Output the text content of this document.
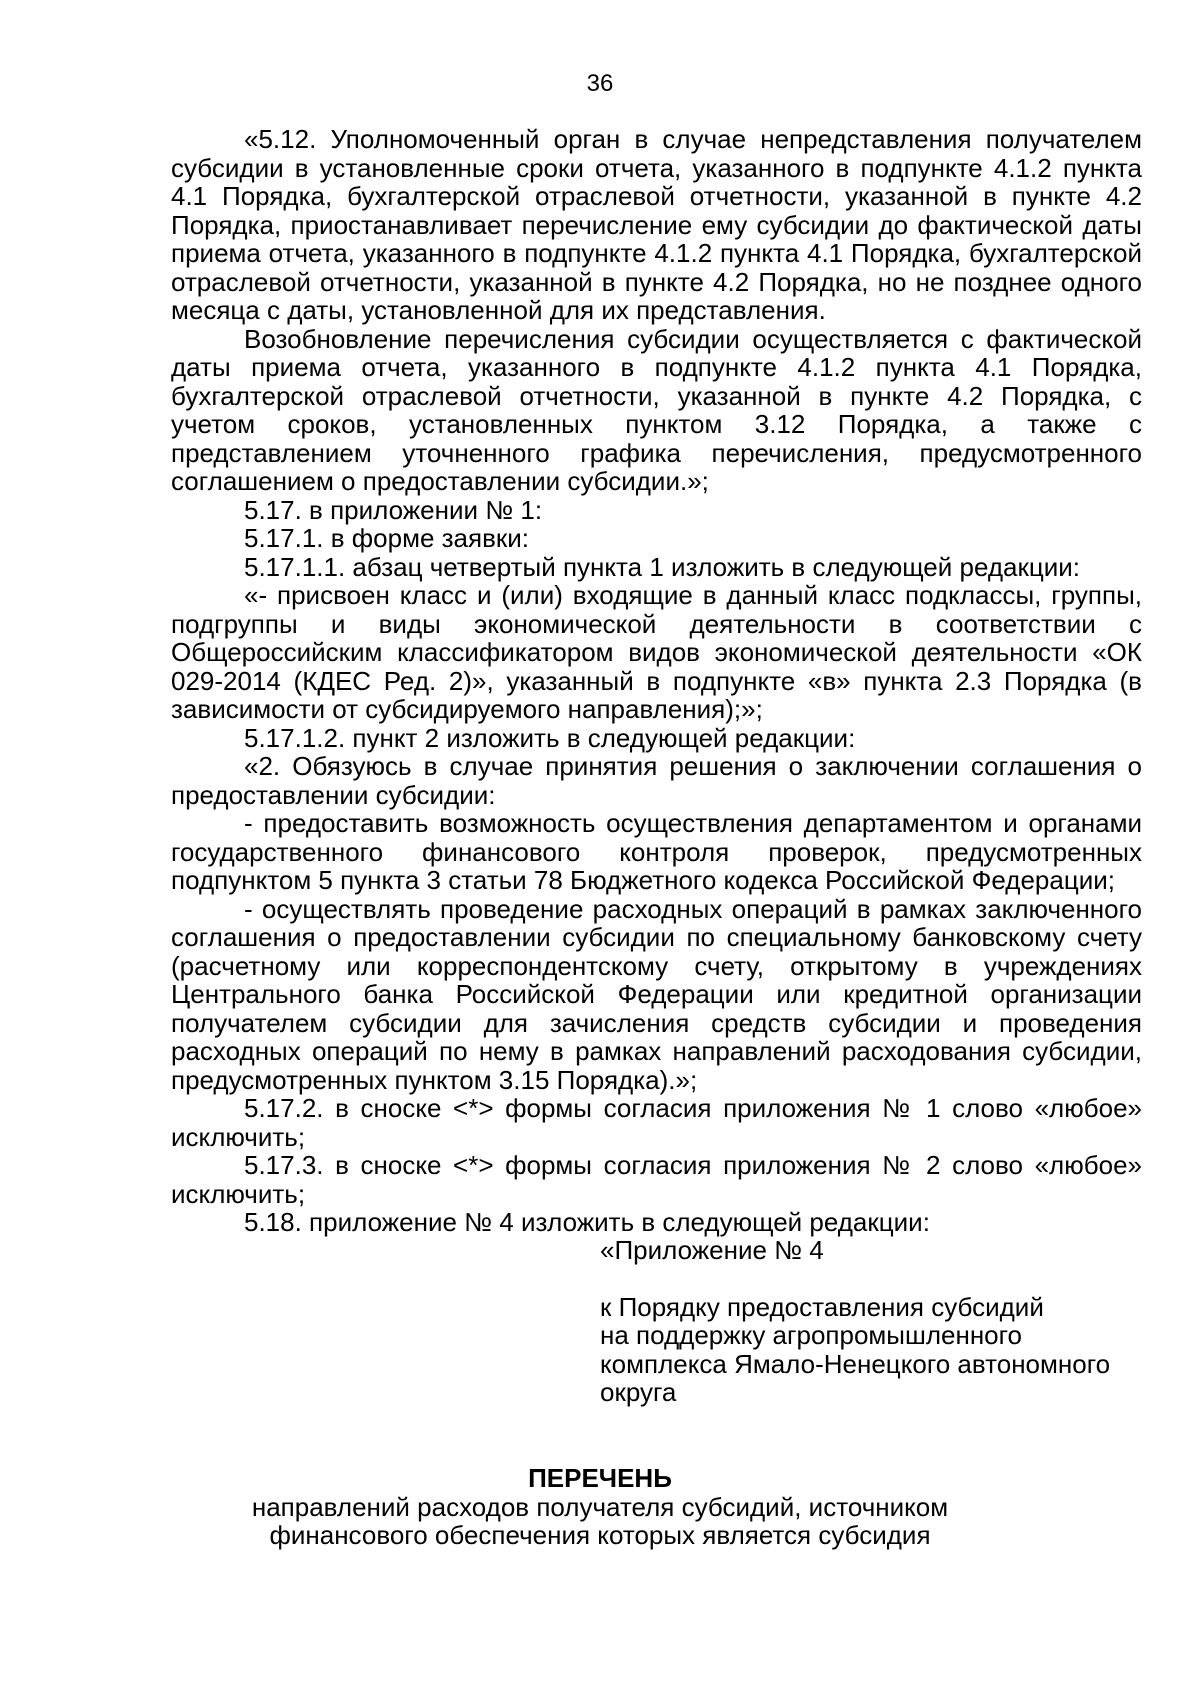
36

«5.12. Уполномоченный орган в случае непредставления получателем субсидии в установленные сроки отчета, указанного в подпункте 4.1.2 пункта 4.1 Порядка, бухгалтерской отраслевой отчетности, указанной в пункте 4.2 Порядка, приостанавливает перечисление ему субсидии до фактической даты приема отчета, указанного в подпункте 4.1.2 пункта 4.1 Порядка, бухгалтерской отраслевой отчетности, указанной в пункте 4.2 Порядка, но не позднее одного месяца с даты, установленной для их представления.

Возобновление перечисления субсидии осуществляется с фактической даты приема отчета, указанного в подпункте 4.1.2 пункта 4.1 Порядка, бухгалтерской отраслевой отчетности, указанной в пункте 4.2 Порядка, с учетом сроков, установленных пунктом 3.12 Порядка, а также с представлением уточненного графика перечисления, предусмотренного соглашением о предоставлении субсидии.»;

5.17. в приложении № 1:

5.17.1. в форме заявки:

5.17.1.1. абзац четвертый пункта 1 изложить в следующей редакции:

«- присвоен класс и (или) входящие в данный класс подклассы, группы, подгруппы и виды экономической деятельности в соответствии с Общероссийским классификатором видов экономической деятельности «ОК 029-2014 (КДЕС Ред. 2)», указанный в подпункте «в» пункта 2.3 Порядка (в зависимости от субсидируемого направления);»;

5.17.1.2. пункт 2 изложить в следующей редакции:

«2. Обязуюсь в случае принятия решения о заключении соглашения о предоставлении субсидии:

- предоставить возможность осуществления департаментом и органами государственного финансового контроля проверок, предусмотренных подпунктом 5 пункта 3 статьи 78 Бюджетного кодекса Российской Федерации;

- осуществлять проведение расходных операций в рамках заключенного соглашения о предоставлении субсидии по специальному банковскому счету (расчетному или корреспондентскому счету, открытому в учреждениях Центрального банка Российской Федерации или кредитной организации получателем субсидии для зачисления средств субсидии и проведения расходных операций по нему в рамках направлений расходования субсидии, предусмотренных пунктом 3.15 Порядка).»;

5.17.2. в сноске <*> формы согласия приложения № 1 слово «любое» исключить;

5.17.3. в сноске <*> формы согласия приложения № 2 слово «любое» исключить;

5.18. приложение № 4 изложить в следующей редакции:

«Приложение № 4

к Порядку предоставления субсидий

на поддержку агропромышленного

комплекса Ямало-Ненецкого автономного

округа

ПЕРЕЧЕНЬ

направлений расходов получателя субсидий, источником

финансового обеспечения которых является субсидия
